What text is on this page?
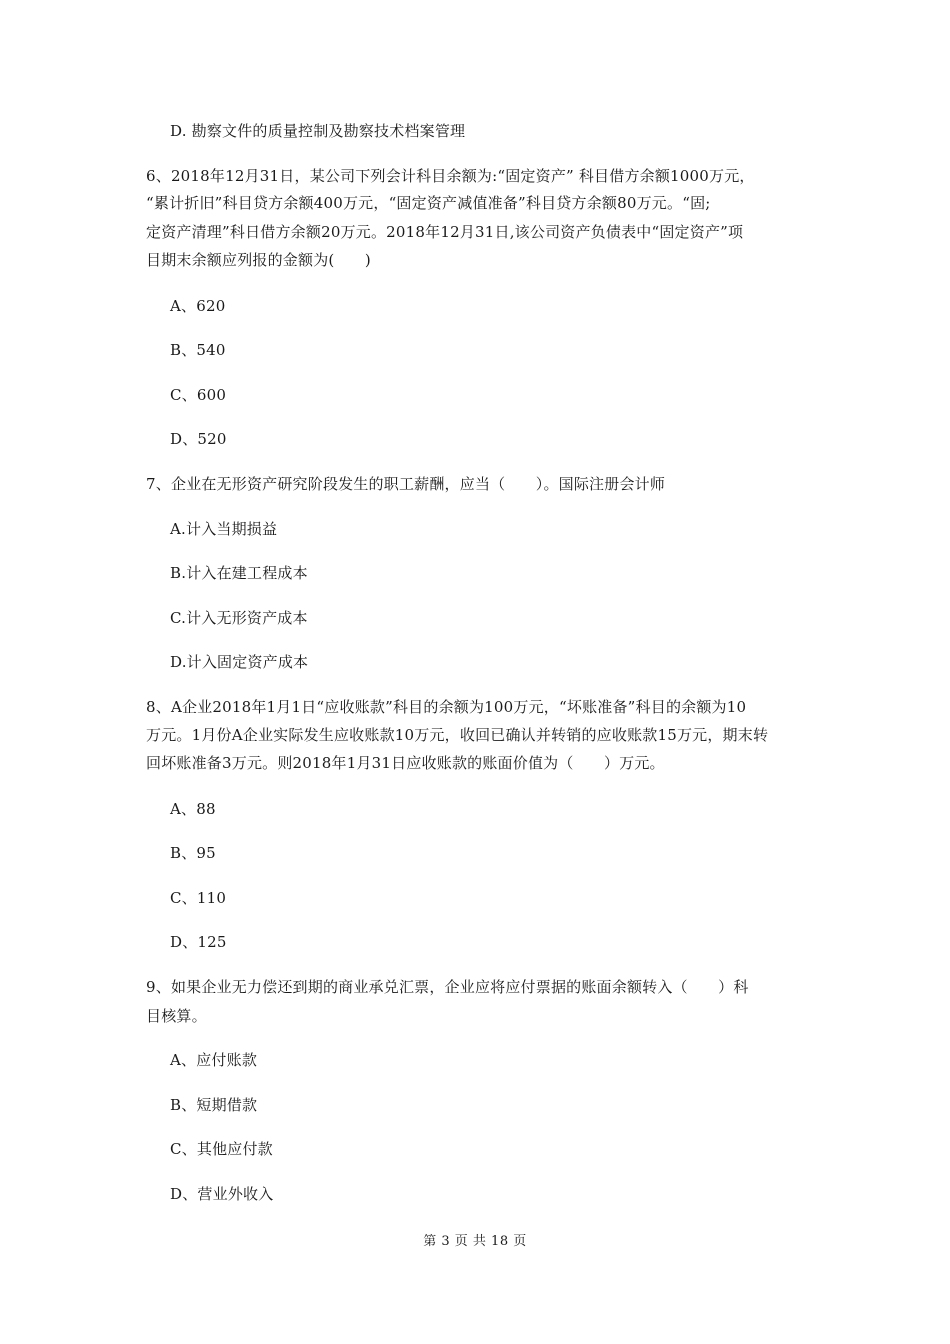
D. 勘察文件的质量控制及勘察技术档案管理
6、2018年12月31日，某公司下列会计科目余额为:“固定资产” 科目借方余额1000万元，
“累计折旧”科目贷方余额400万元，“固定资产减值准备”科目贷方余额80万元。“固;
定资产清理”科日借方余额20万元。2018年12月31日,该公司资产负债表中“固定资产”项
目期末余额应列报的金额为(　　)
A、620
B、540
C、600
D、520
7、企业在无形资产研究阶段发生的职工薪酬，应当（　　）。国际注册会计师
A.计入当期损益
B.计入在建工程成本
C.计入无形资产成本
D.计入固定资产成本
8、A企业2018年1月1日“应收账款”科目的余额为100万元，“坏账准备”科目的余额为10
万元。1月份A企业实际发生应收账款10万元，收回已确认并转销的应收账款15万元，期末转
回坏账准备3万元。则2018年1月31日应收账款的账面价值为（　　）万元。
A、88
B、95
C、110
D、125
9、如果企业无力偿还到期的商业承兑汇票，企业应将应付票据的账面余额转入（　　）科
目核算。
A、应付账款
B、短期借款
C、其他应付款
D、营业外收入
第 3 页 共 18 页
